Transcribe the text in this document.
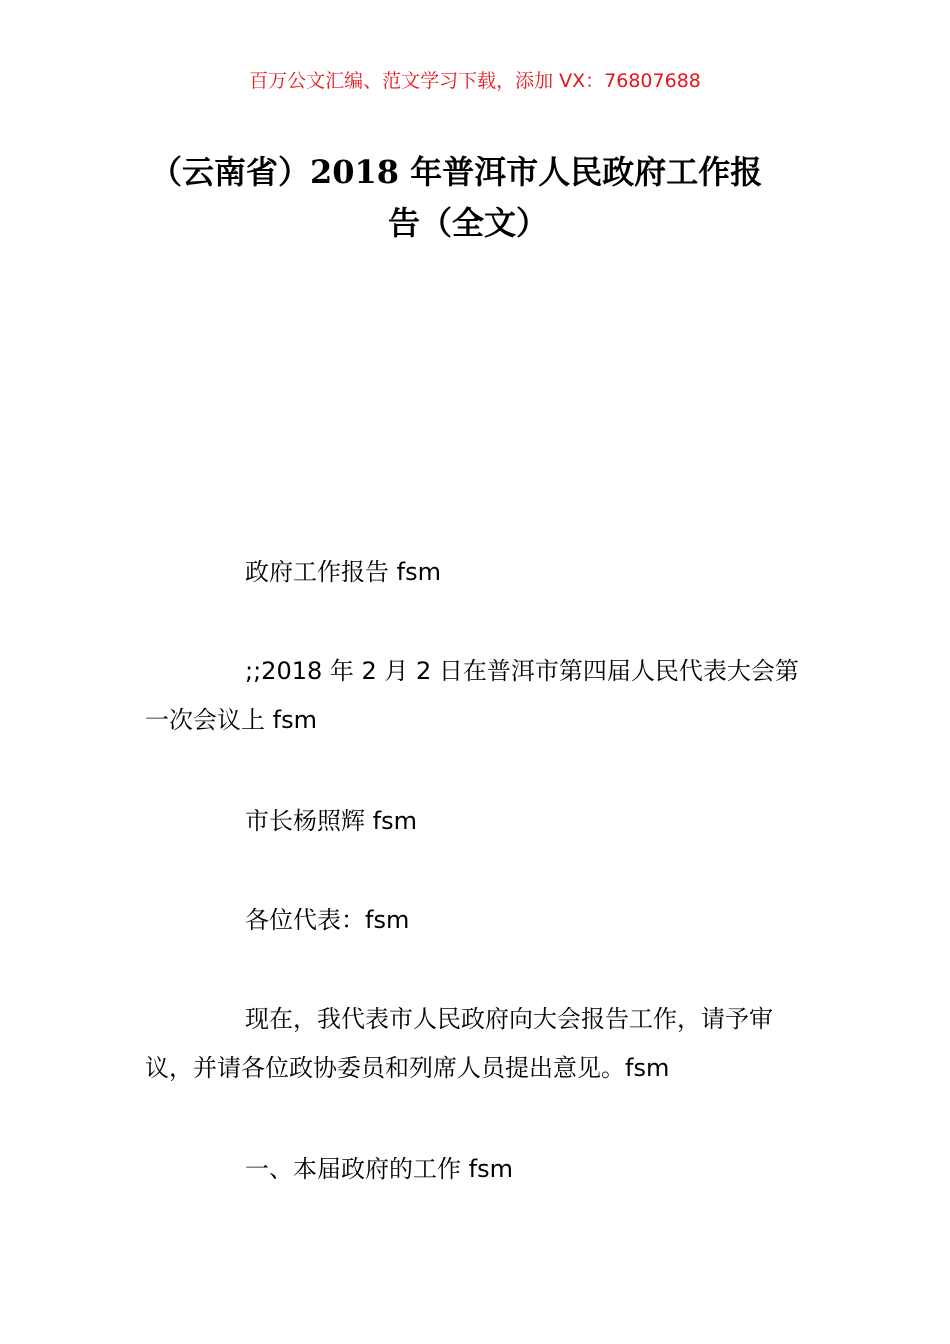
百万公文汇编、范文学习下载，添加 VX：76807688
（云南省）2018 年普洱市人民政府工作报
告（全文）
政府工作报告 fsm
;;2018 年 2 月 2 日在普洱市第四届人民代表大会第一次会议上 fsm
市长杨照辉 fsm
各位代表：fsm
现在，我代表市人民政府向大会报告工作，请予审议，并请各位政协委员和列席人员提出意见。fsm
一、本届政府的工作 fsm
